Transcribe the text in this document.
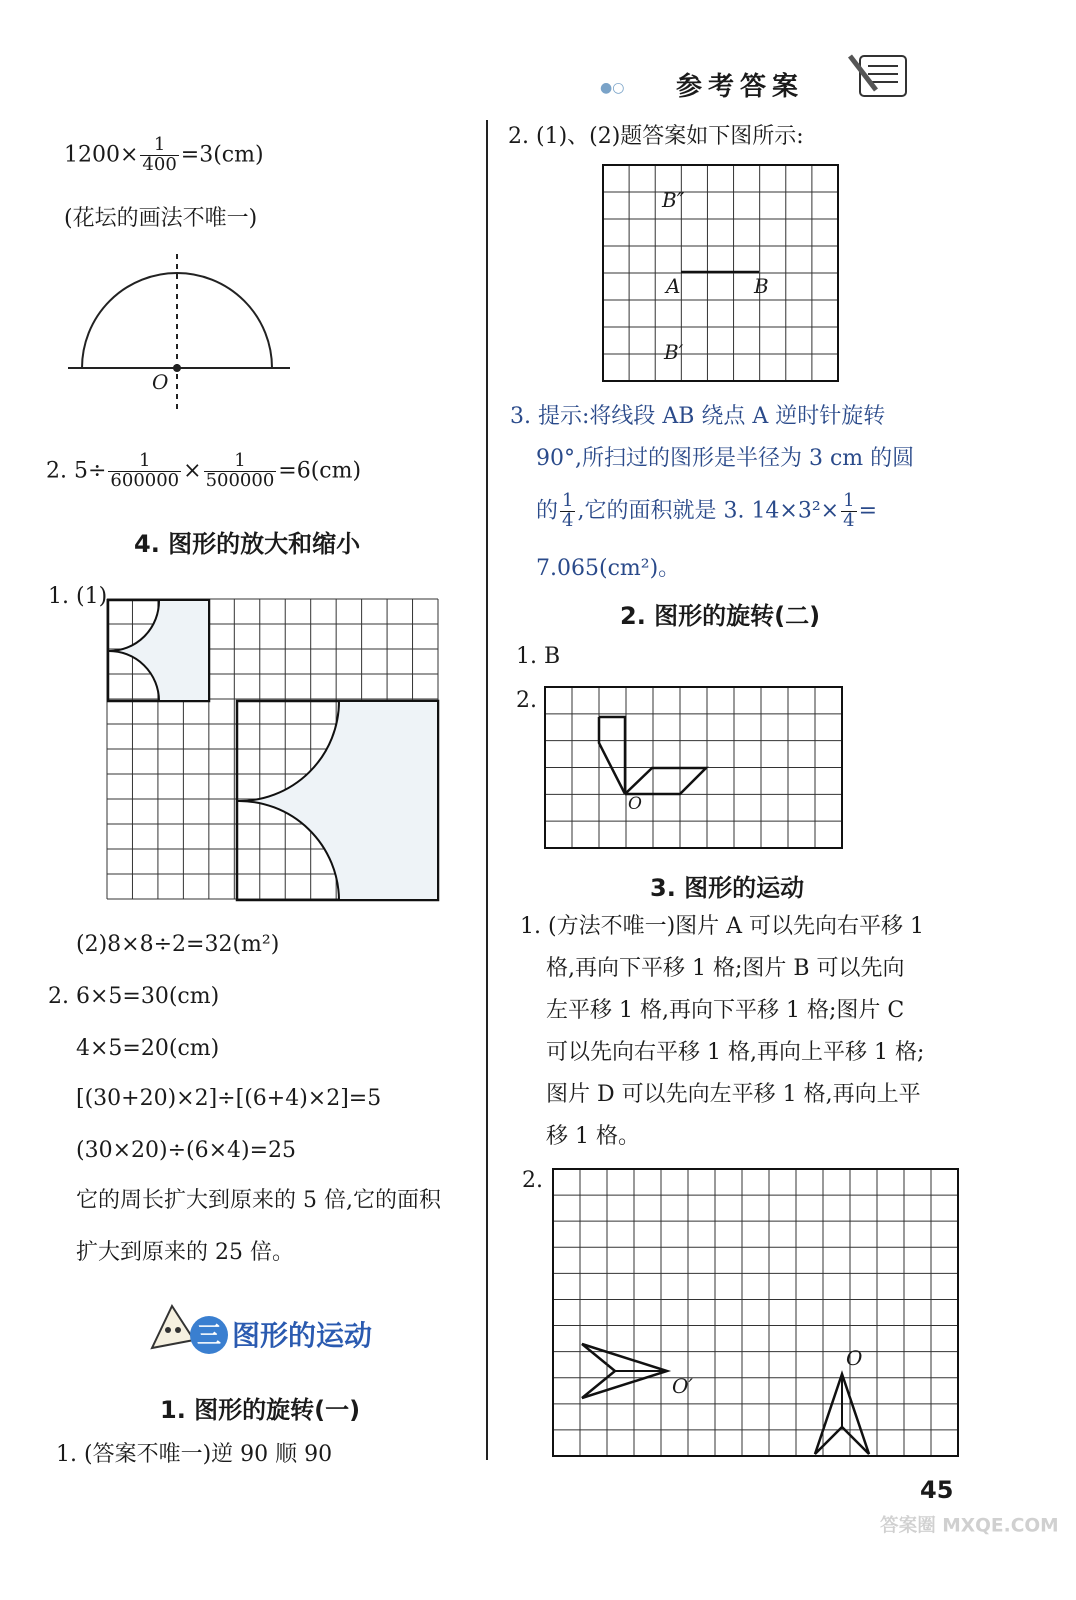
●○ 参考答案
$1200\times \frac{1}{400} =3(cm)$
(花坛的画法不唯一)
O
2. $5\div \frac{1}{600000} \times \frac{1}{500000} =6(cm)$
4. 图形的放大和缩小
1. (1)
(2)8×8÷2=32(m²)
2. 6×5=30(cm)
4×5=20(cm)
[(30+20)×2]÷[(6+4)×2]=5
(30×20)÷(6×4)=25
它的周长扩大到原来的 5 倍,它的面积
扩大到原来的 25 倍。
三 图形的运动
1. 图形的旋转(一)
1. (答案不唯一)逆 90 顺 90
2. (1)、(2)题答案如下图所示:
B″
A	B
B′
3. 提示:将线段 AB 绕点 A 逆时针旋转
90°,所扫过的图形是半径为 3 cm 的圆
的 $\frac{1}{4}$ ,它的面积就是 3. $14\times 3^2\times \frac{1}{4}$ =
7.065(cm²)。
2. 图形的旋转(二)
1. B
2.
O
3. 图形的运动
1. (方法不唯一)图片 A 可以先向右平移 1
格,再向下平移 1 格;图片 B 可以先向
左平移 1 格,再向下平移 1 格;图片 C
可以先向右平移 1 格,再向上平移 1 格;
图片 D 可以先向左平移 1 格,再向上平
移 1 格。
2.
O′
O
45
答案圈 MXQE.COM
